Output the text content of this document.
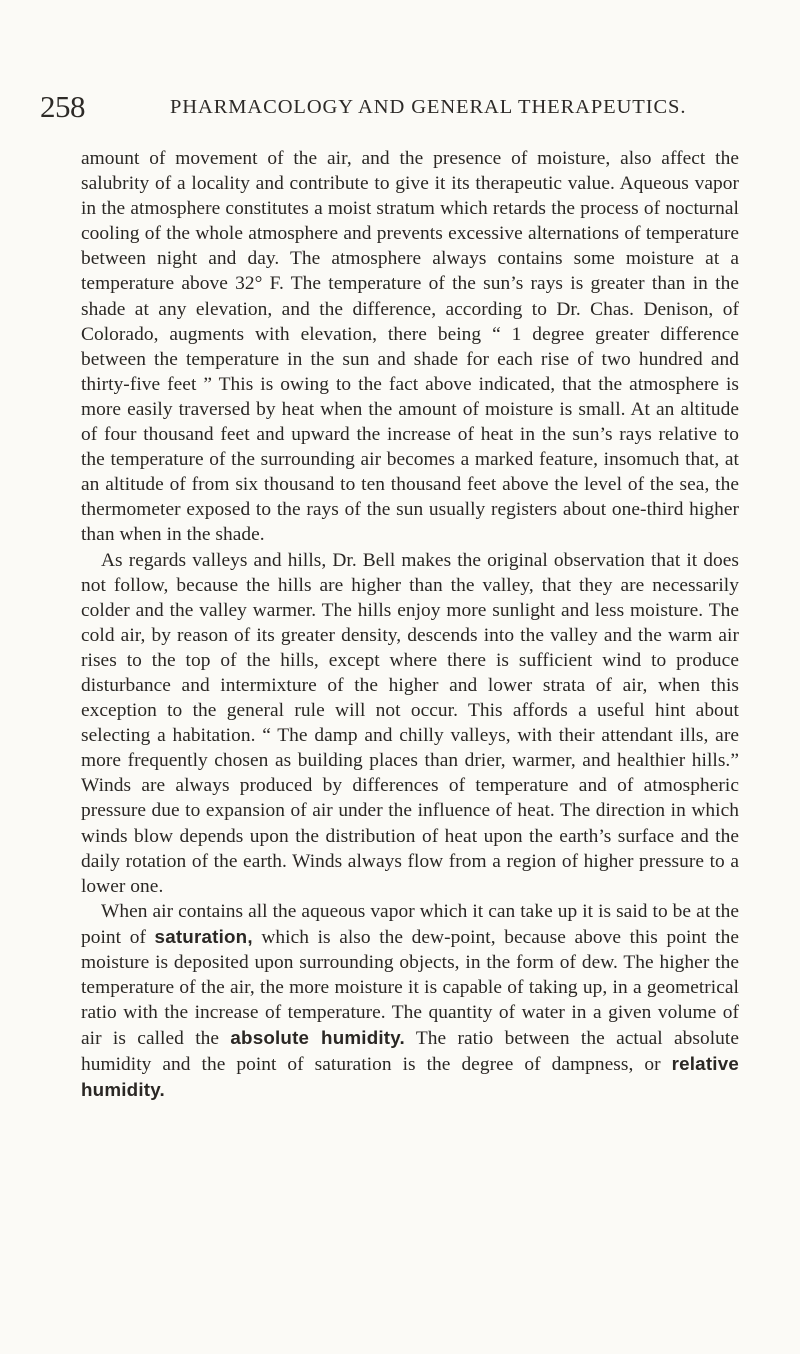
258	PHARMACOLOGY AND GENERAL THERAPEUTICS.

amount of movement of the air, and the presence of moisture, also affect the salubrity of a locality and contribute to give it its therapeutic value. Aqueous vapor in the atmosphere constitutes a moist stratum which retards the process of nocturnal cooling of the whole atmosphere and prevents excessive alternations of temperature between night and day. The atmosphere always contains some moisture at a temperature above 32° F. The temperature of the sun’s rays is greater than in the shade at any elevation, and the difference, according to Dr. Chas. Denison, of Colorado, augments with elevation, there being “ 1 degree greater difference between the temperature in the sun and shade for each rise of two hundred and thirty-five feet ” This is owing to the fact above indicated, that the atmosphere is more easily traversed by heat when the amount of moisture is small. At an altitude of four thousand feet and upward the increase of heat in the sun’s rays relative to the temperature of the surrounding air becomes a marked feature, insomuch that, at an altitude of from six thousand to ten thousand feet above the level of the sea, the thermometer exposed to the rays of the sun usually registers about one-third higher than when in the shade.

As regards valleys and hills, Dr. Bell makes the original observation that it does not follow, because the hills are higher than the valley, that they are necessarily colder and the valley warmer. The hills enjoy more sunlight and less moisture. The cold air, by reason of its greater density, descends into the valley and the warm air rises to the top of the hills, except where there is sufficient wind to produce disturbance and intermixture of the higher and lower strata of air, when this exception to the general rule will not occur. This affords a useful hint about selecting a habitation. “ The damp and chilly valleys, with their attendant ills, are more frequently chosen as building places than drier, warmer, and healthier hills.” Winds are always produced by differences of temperature and of atmospheric pressure due to expansion of air under the influence of heat. The direction in which winds blow depends upon the distribution of heat upon the earth’s surface and the daily rotation of the earth. Winds always flow from a region of higher pressure to a lower one.

When air contains all the aqueous vapor which it can take up it is said to be at the point of saturation, which is also the dew-point, because above this point the moisture is deposited upon surrounding objects, in the form of dew. The higher the temperature of the air, the more moisture it is capable of taking up, in a geometrical ratio with the increase of temperature. The quantity of water in a given volume of air is called the absolute humidity. The ratio between the actual absolute humidity and the point of saturation is the degree of dampness, or relative humidity.
